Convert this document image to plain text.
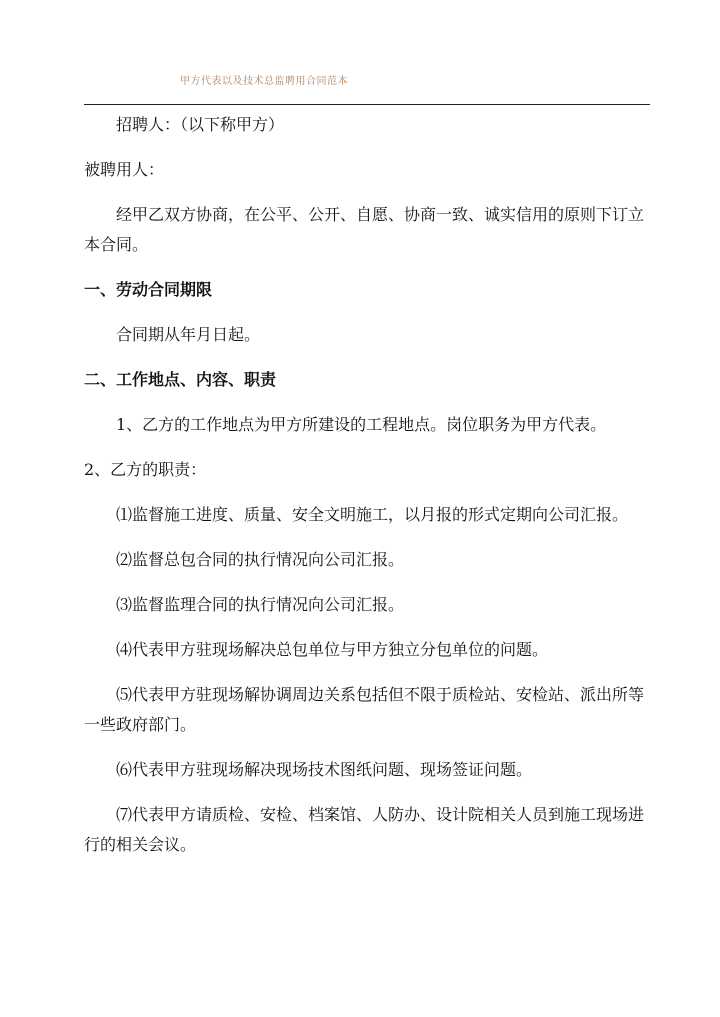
甲方代表以及技术总监聘用合同范本

招聘人：（以下称甲方）

被聘用人：

经甲乙双方协商，在公平、公开、自愿、协商一致、诚实信用的原则下订立本合同。

一、劳动合同期限

合同期从年月日起。

二、工作地点、内容、职责

1、乙方的工作地点为甲方所建设的工程地点。岗位职务为甲方代表。

2、乙方的职责：

⑴监督施工进度、质量、安全文明施工，以月报的形式定期向公司汇报。

⑵监督总包合同的执行情况向公司汇报。

⑶监督监理合同的执行情况向公司汇报。

⑷代表甲方驻现场解决总包单位与甲方独立分包单位的问题。

⑸代表甲方驻现场解协调周边关系包括但不限于质检站、安检站、派出所等一些政府部门。

⑹代表甲方驻现场解决现场技术图纸问题、现场签证问题。

⑺代表甲方请质检、安检、档案馆、人防办、设计院相关人员到施工现场进行的相关会议。
